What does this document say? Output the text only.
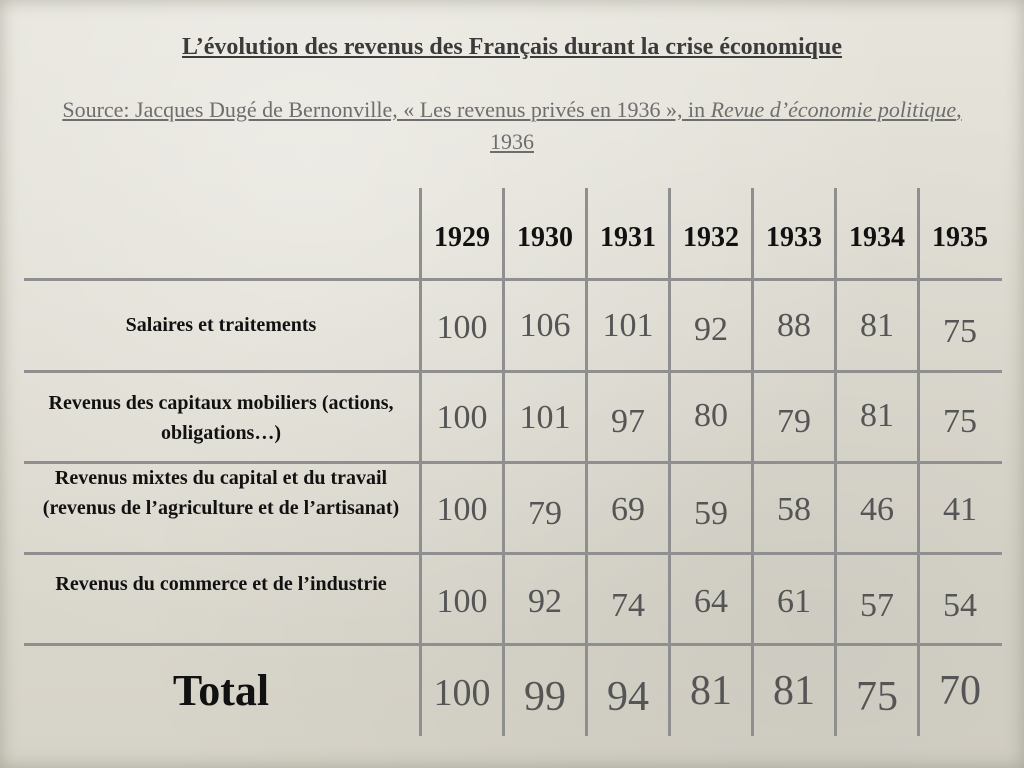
L’évolution des revenus des Français durant la crise économique
Source: Jacques Dugé de Bernonville, « Les revenus privés en 1936 », in Revue d’économie politique, 1936
1929 1930 1931 1932 1933 1934 1935
Salaires et traitements	100 106 101	92	88	81	75
Revenus des capitaux mobiliers (actions, obligations…)	100 101	97	80	79	81	75
Revenus mixtes du capital et du travail (revenus de l’agriculture et de l’artisanat)	100	79	69	59	58	46	41
Revenus du commerce et de l’industrie	100	92	74	64	61	57	54
Total	100 99 94 81 81 75 70
